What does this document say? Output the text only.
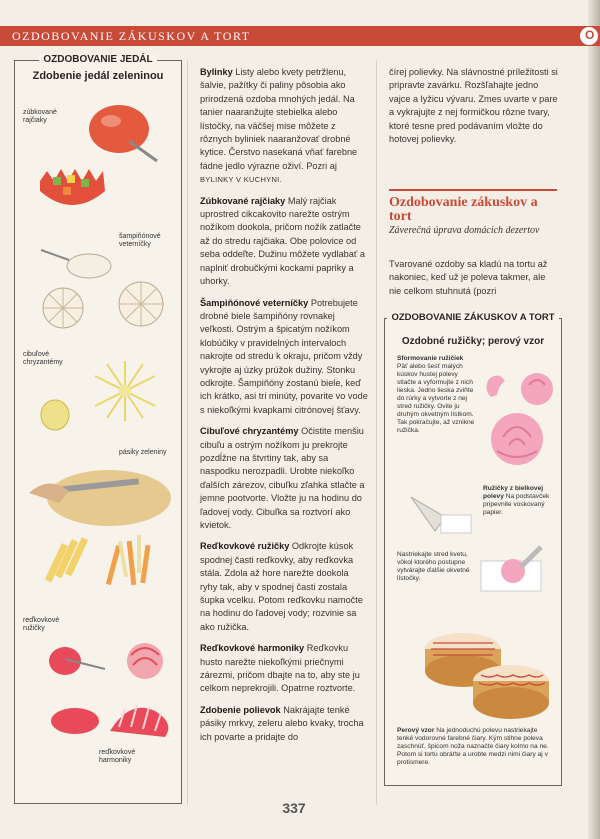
OZDOBOVANIE ZÁKUSKOV A TORT	O
OZDOBOVANIE JEDÁL
Zdobenie jedál zeleninou
zúbkované
rajčiaky
šampiňónové
veterníčky
cibuľové
chryzantémy
pásiky zeleniny
reďkovkové
ružičky
reďkovkové
harmoniky

Bylinky Listy alebo kvety petržlenu, šalvie, pažítky či paliny pôsobia ako prirodzená ozdoba mnohých jedál. Na tanier naaranžujte stebielka alebo lístočky, na väčšej mise môžete z rôznych byliniek naaranžovať drobné kytice. Čerstvo nasekaná vňať farebne fádne jedlo výrazne oživí. Pozri aj BYLINKY V KUCHYNI.

Zúbkované rajčiaky Malý rajčiak uprostred cikcakovito narežte ostrým nožíkom dookola, pričom nožík zatlačte až do stredu rajčiaka. Obe polovice od seba oddeľte. Dužinu môžete vydlabať a naplniť drobučkými kockami papriky a uhorky.

Šampiňónové veterníčky Potrebujete drobné biele šampiňóny rovnakej veľkosti. Ostrým a špicatým nožíkom klobúčiky v pravidelných intervaloch nakrojte od stredu k okraju, pričom vždy vykrojte aj úzky prúžok dužiny. Stonku odkrojte. Šampiňóny zostanú biele, keď ich krátko, asi tri minúty, povarite vo vode s niekoľkými kvapkami citrónovej šťavy.

Cibuľové chryzantémy Očistite menšiu cibuľu a ostrým nožíkom ju prekrojte pozdĺžne na štvrtiny tak, aby sa naspodku nerozpadli. Urobte niekoľko ďalších zárezov, cibuľku zľahka stlačte a jemne pootvorte. Vložte ju na hodinu do ľadovej vody. Cibuľka sa roztvorí ako kvietok.

Reďkovkové ružičky Odkrojte kúsok spodnej časti reďkovky, aby reďkovka stála. Zdola až hore narežte dookola ryhy tak, aby v spodnej časti zostala šupka vcelku. Potom reďkovku namočte na hodinu do ľadovej vody; rozvinie sa ako ružička.

Reďkovkové harmoniky Reďkovku husto narežte niekoľkými priečnymi zárezmi, pričom dbajte na to, aby ste ju celkom neprekrojili. Opatrne roztvorte.

Zdobenie polievok Nakrájajte tenké pásiky mrkvy, zeleru alebo kvaky, trocha ich povarte a pridajte do

čírej polievky. Na slávnostné príležitosti si pripravte zavárku. Rozšľahajte jedno vajce a lyžicu vývaru. Zmes uvarte v pare a vykrajujte z nej formičkou rôzne tvary, ktoré tesne pred podávaním vložte do hotovej polievky.
Ozdobovanie zákuskov a tort
Záverečná úprava domácich dezertov
Tvarované ozdoby sa kladú na tortu až nakoniec, keď už je poleva takmer, ale nie celkom stuhnutá (pozri
OZDOBOVANIE ZÁKUSKOV A TORT
Ozdobné ružičky; perový vzor
Sformovanie ružičiek Päť alebo šesť malých kúskov hustej polevy stlačte a vyformujte z nich lieska. Jedno lieska zviňte do rúrky a vytvorte z nej stred ružičky. Ovite ju druhým okvetným lístkom. Tak pokračujte, až vznikne ružička.
Ružičky z bielkovej polevy Na podstavček pripevnite voskovaný papier.
Nastriekajte stred kvetu, vôkol ktorého postupne vytvárajte ďalšie okvetné lístočky.
Perový vzor Na jednoduchú polevu nastriekajte tenké vodorovné farebné čiary. Kým stihne poleva zaschnúť, špicom noža naznačte čiary kolmo na ne. Potom si tortu obráťte a urobte medzi nimi čiary aj v protismere.
337
